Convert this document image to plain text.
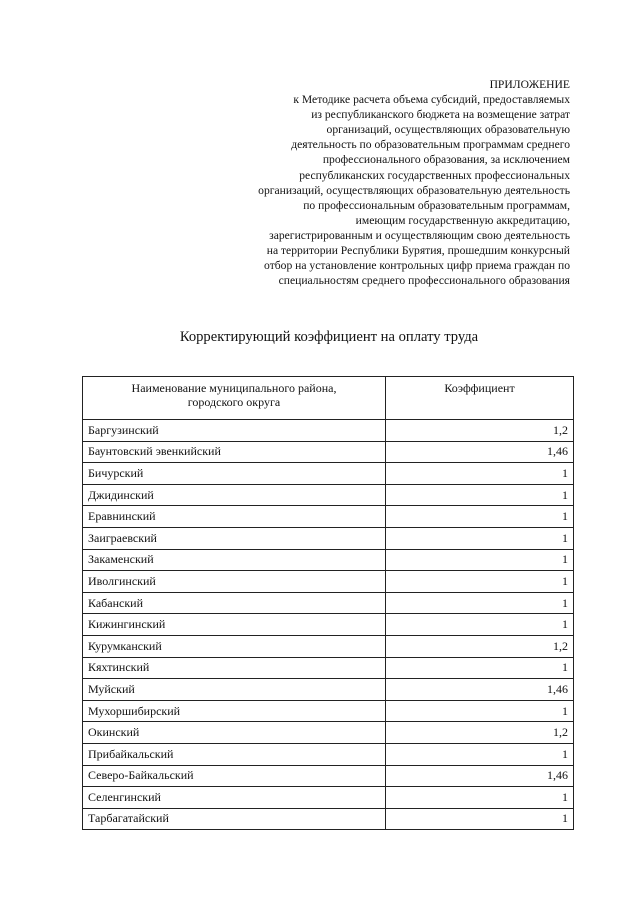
ПРИЛОЖЕНИЕ
к Методике расчета объема субсидий, предоставляемых
из республиканского бюджета на возмещение затрат
организаций, осуществляющих образовательную
деятельность по образовательным программам среднего
профессионального образования, за исключением
республиканских государственных профессиональных
организаций, осуществляющих образовательную деятельность
по профессиональным образовательным программам,
имеющим государственную аккредитацию,
зарегистрированным и осуществляющим свою деятельность
на территории Республики Бурятия, прошедшим конкурсный
отбор на установление контрольных цифр приема граждан по
специальностям среднего профессионального образования
Корректирующий коэффициент на оплату труда
Наименование муниципального района, городского округа	Коэффициент
Баргузинский	1,2
Баунтовский эвенкийский	1,46
Бичурский	1
Джидинский	1
Еравнинский	1
Заиграевский	1
Закаменский	1
Иволгинский	1
Кабанский	1
Кижингинский	1
Курумканский	1,2
Кяхтинский	1
Муйский	1,46
Мухоршибирский	1
Окинский	1,2
Прибайкальский	1
Северо-Байкальский	1,46
Селенгинский	1
Тарбагатайский	1
